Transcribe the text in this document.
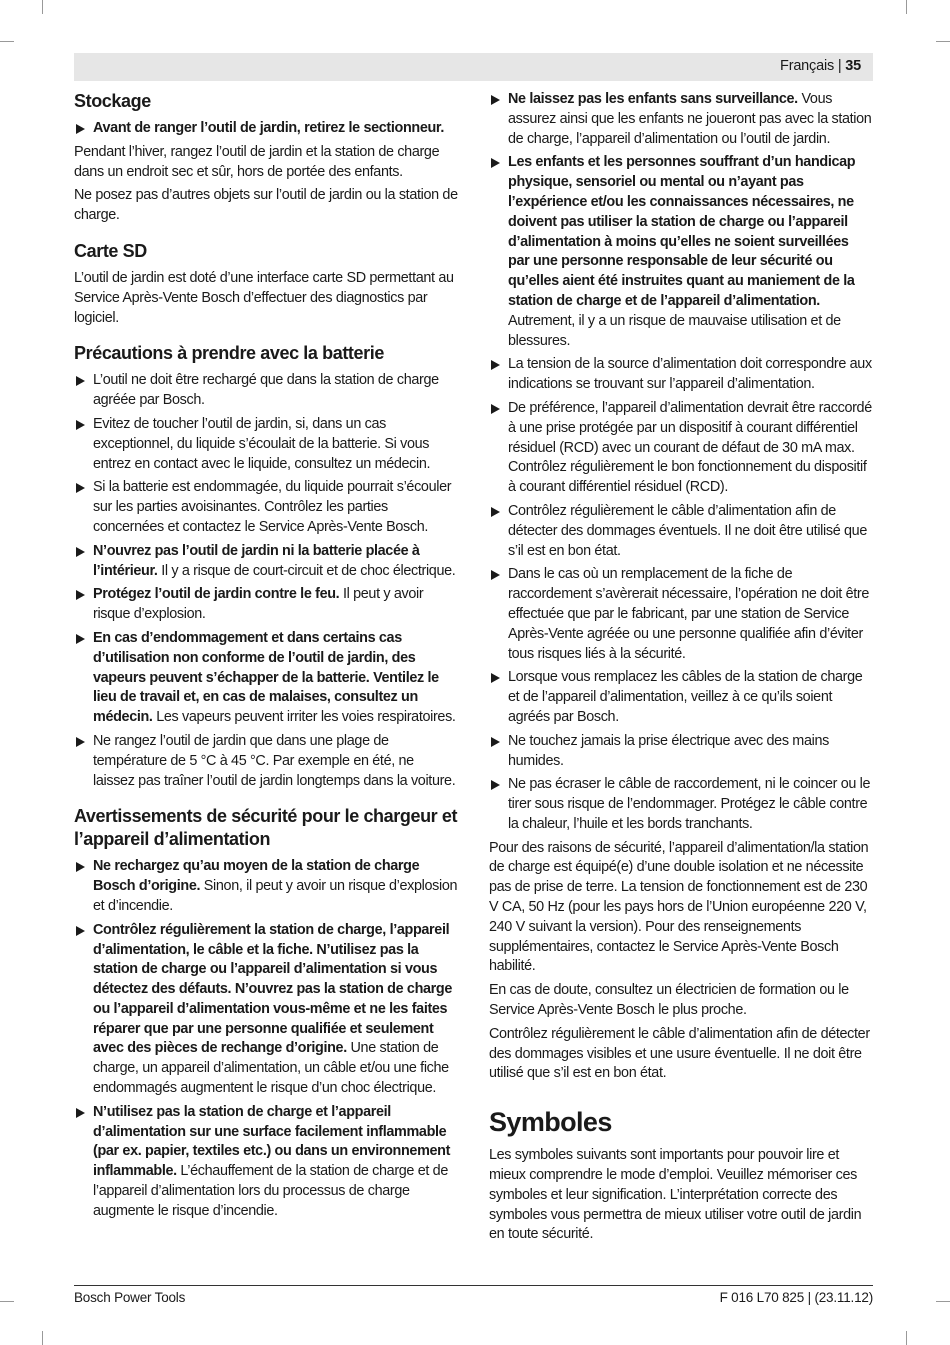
Français | 35
Stockage
Avant de ranger l’outil de jardin, retirez le sectionneur.

Pendant l’hiver, rangez l’outil de jardin et la station de charge dans un endroit sec et sûr, hors de portée des enfants.

Ne posez pas d’autres objets sur l’outil de jardin ou la station de charge.

Carte SD

L’outil de jardin est doté d’une interface carte SD permettant au Service Après-Vente Bosch d’effectuer des diagnostics par logiciel.

Précautions à prendre avec la batterie
L’outil ne doit être rechargé que dans la station de charge agréée par Bosch.
Evitez de toucher l’outil de jardin, si, dans un cas exceptionnel, du liquide s’écoulait de la batterie. Si vous entrez en contact avec le liquide, consultez un médecin.
Si la batterie est endommagée, du liquide pourrait s’écouler sur les parties avoisinantes. Contrôlez les parties concernées et contactez le Service Après-Vente Bosch.
N’ouvrez pas l’outil de jardin ni la batterie placée à l’intérieur. Il y a risque de court-circuit et de choc électrique.
Protégez l’outil de jardin contre le feu. Il peut y avoir risque d’explosion.
En cas d’endommagement et dans certains cas d’utilisation non conforme de l’outil de jardin, des vapeurs peuvent s’échapper de la batterie. Ventilez le lieu de travail et, en cas de malaises, consultez un médecin. Les vapeurs peuvent irriter les voies respiratoires.
Ne rangez l’outil de jardin que dans une plage de température de 5 °C à 45 °C. Par exemple en été, ne laissez pas traîner l’outil de jardin longtemps dans la voiture.
Avertissements de sécurité pour le chargeur et l’appareil d’alimentation
Ne rechargez qu’au moyen de la station de charge Bosch d’origine. Sinon, il peut y avoir un risque d’explosion et d’incendie.
Contrôlez régulièrement la station de charge, l’appareil d’alimentation, le câble et la fiche. N’utilisez pas la station de charge ou l’appareil d’alimentation si vous détectez des défauts. N’ouvrez pas la station de charge ou l’appareil d’alimentation vous-même et ne les faites réparer que par une personne qualifiée et seulement avec des pièces de rechange d’origine. Une station de charge, un appareil d’alimentation, un câble et/ou une fiche endommagés augmentent le risque d’un choc électrique.
N’utilisez pas la station de charge et l’appareil d’alimentation sur une surface facilement inflammable (par ex. papier, textiles etc.) ou dans un environnement inflammable. L’échauffement de la station de charge et de l’appareil d’alimentation lors du processus de charge augmente le risque d’incendie.
Ne laissez pas les enfants sans surveillance. Vous assurez ainsi que les enfants ne joueront pas avec la station de charge, l’appareil d’alimentation ou l’outil de jardin.
Les enfants et les personnes souffrant d’un handicap physique, sensoriel ou mental ou n’ayant pas l’expérience et/ou les connaissances nécessaires, ne doivent pas utiliser la station de charge ou l’appareil d’alimentation à moins qu’elles ne soient surveillées par une personne responsable de leur sécurité ou qu’elles aient été instruites quant au maniement de la station de charge et de l’appareil d’alimentation. Autrement, il y a un risque de mauvaise utilisation et de blessures.
La tension de la source d’alimentation doit correspondre aux indications se trouvant sur l’appareil d’alimentation.
De préférence, l’appareil d’alimentation devrait être raccordé à une prise protégée par un dispositif à courant différentiel résiduel (RCD) avec un courant de défaut de 30 mA max. Contrôlez régulièrement le bon fonctionnement du dispositif à courant différentiel résiduel (RCD).
Contrôlez régulièrement le câble d’alimentation afin de détecter des dommages éventuels. Il ne doit être utilisé que s’il est en bon état.
Dans le cas où un remplacement de la fiche de raccordement s’avèrerait nécessaire, l’opération ne doit être effectuée que par le fabricant, par une station de Service Après-Vente agréée ou une personne qualifiée afin d’éviter tous risques liés à la sécurité.
Lorsque vous remplacez les câbles de la station de charge et de l’appareil d’alimentation, veillez à ce qu’ils soient agréés par Bosch.
Ne touchez jamais la prise électrique avec des mains humides.
Ne pas écraser le câble de raccordement, ni le coincer ou le tirer sous risque de l’endommager. Protégez le câble contre la chaleur, l’huile et les bords tranchants.

Pour des raisons de sécurité, l’appareil d’alimentation/la station de charge est équipé(e) d’une double isolation et ne nécessite pas de prise de terre. La tension de fonctionnement est de 230 V CA, 50 Hz (pour les pays hors de l’Union européenne 220 V, 240 V suivant la version). Pour des renseignements supplémentaires, contactez le Service Après-Vente Bosch habilité.

En cas de doute, consultez un électricien de formation ou le Service Après-Vente Bosch le plus proche.

Contrôlez régulièrement le câble d’alimentation afin de détecter des dommages visibles et une usure éventuelle. Il ne doit être utilisé que s’il est en bon état.

Symboles

Les symboles suivants sont importants pour pouvoir lire et mieux comprendre le mode d’emploi. Veuillez mémoriser ces symboles et leur signification. L’interprétation correcte des symboles vous permettra de mieux utiliser votre outil de jardin en toute sécurité.

Bosch Power Tools	F 016 L70 825 | (23.11.12)
